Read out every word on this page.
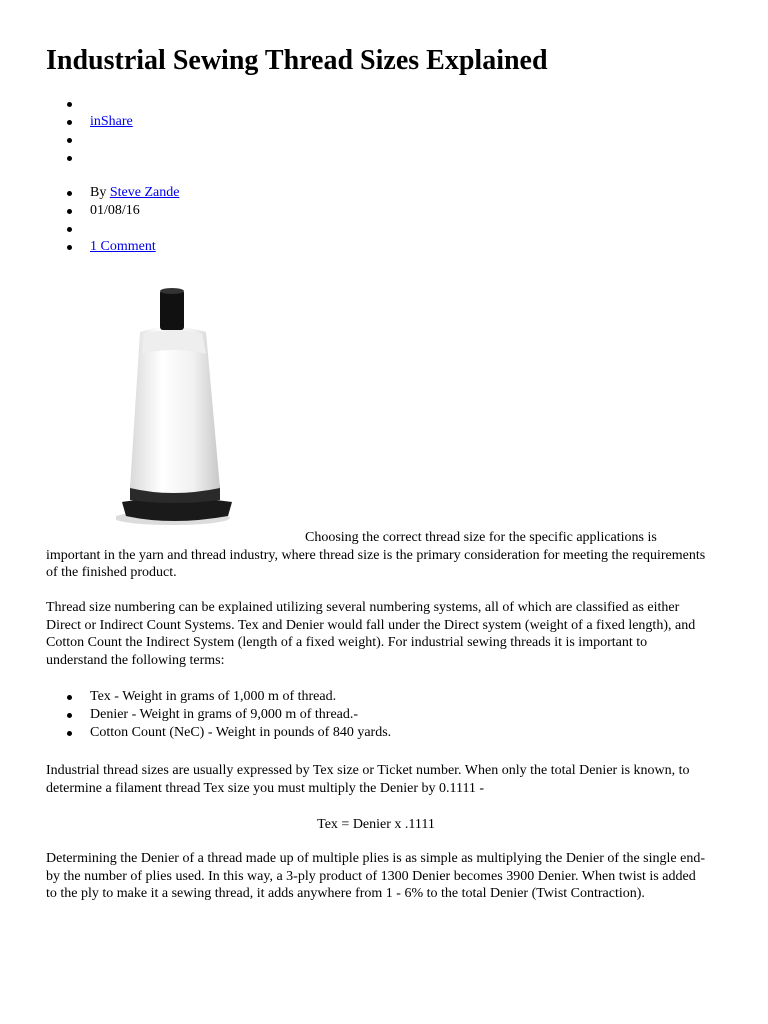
Industrial Sewing Thread Sizes Explained
inShare
By Steve Zande
01/08/16
1 Comment

Choosing the correct thread size for the specific applications is important in the yarn and thread industry, where thread size is the primary consideration for meeting the requirements of the finished product.

Thread size numbering can be explained utilizing several numbering systems, all of which are classified as either Direct or Indirect Count Systems. Tex and Denier would fall under the Direct system (weight of a fixed length), and Cotton Count the Indirect System (length of a fixed weight). For industrial sewing threads it is important to understand the following terms:

Tex - Weight in grams of 1,000 m of thread.
Denier - Weight in grams of 9,000 m of thread.-
Cotton Count (NeC) - Weight in pounds of 840 yards.

Industrial thread sizes are usually expressed by Tex size or Ticket number. When only the total Denier is known, to determine a filament thread Tex size you must multiply the Denier by 0.1111 -

Tex = Denier x .1111

Determining the Denier of a thread made up of multiple plies is as simple as multiplying the Denier of the single end-by the number of plies used. In this way, a 3-ply product of 1300 Denier becomes 3900 Denier. When twist is added to the ply to make it a sewing thread, it adds anywhere from 1 - 6% to the total Denier (Twist Contraction).
